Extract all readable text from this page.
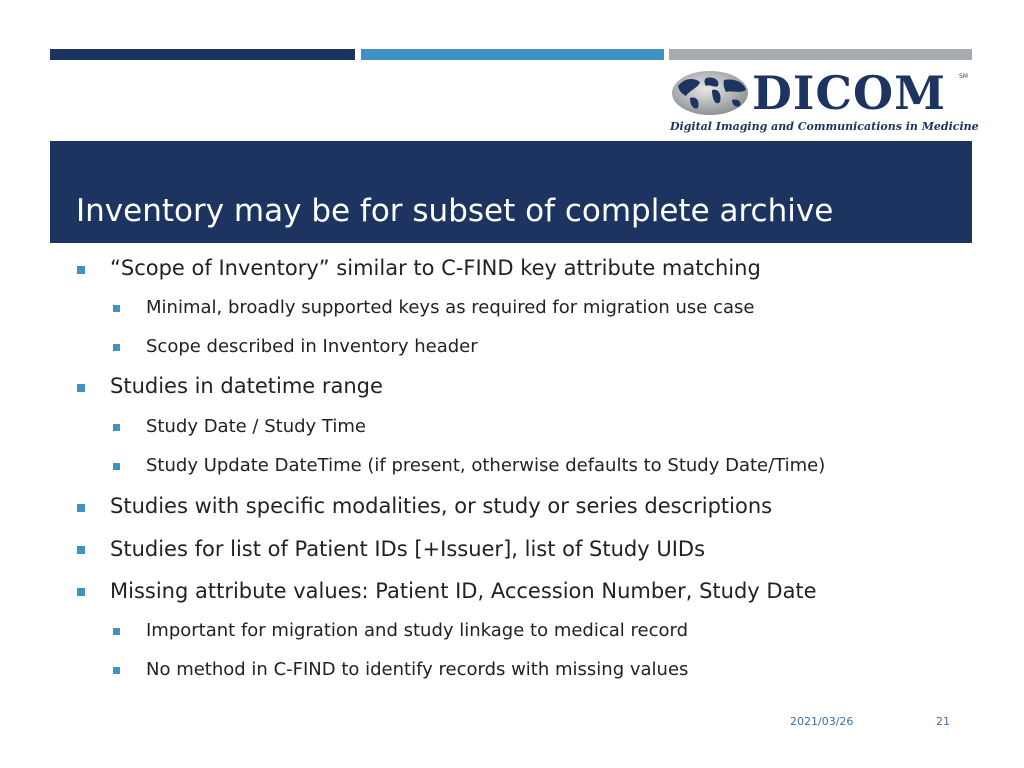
DICOM SM
Digital Imaging and Communications in Medicine
Inventory may be for subset of complete archive
“Scope of Inventory” similar to C-FIND key attribute matching
Minimal, broadly supported keys as required for migration use case
Scope described in Inventory header
Studies in datetime range
Study Date / Study Time
Study Update DateTime (if present, otherwise defaults to Study Date/Time)
Studies with specific modalities, or study or series descriptions
Studies for list of Patient IDs [+Issuer], list of Study UIDs
Missing attribute values: Patient ID, Accession Number, Study Date
Important for migration and study linkage to medical record
No method in C-FIND to identify records with missing values
2021/03/26	21
